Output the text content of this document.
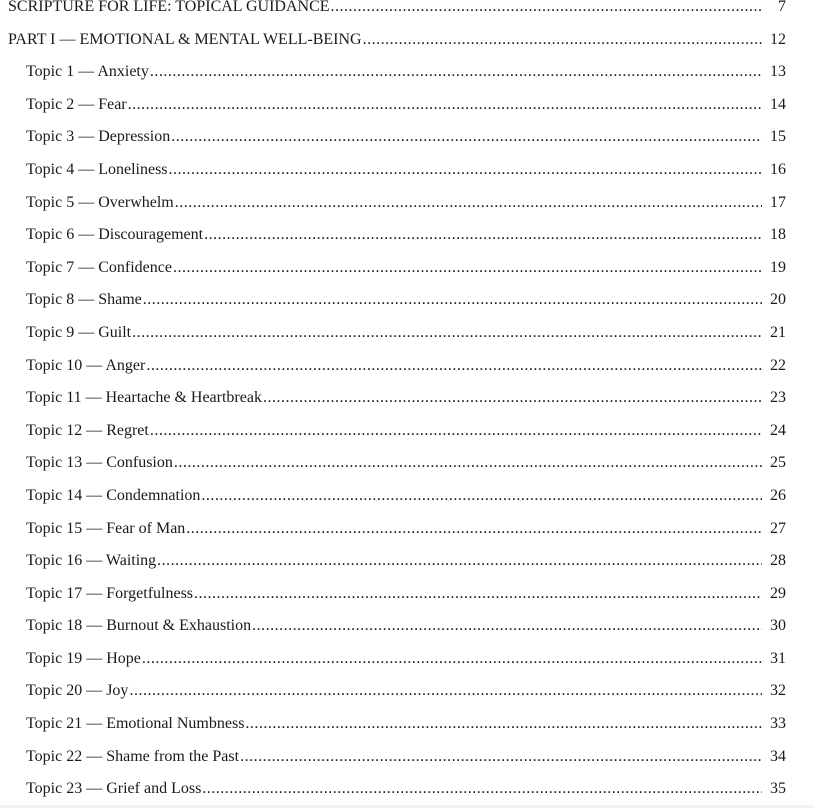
SCRIPTURE FOR LIFE: TOPICAL GUIDANCE .....	7
PART I — EMOTIONAL & MENTAL WELL-BEING .....	12
Topic 1 — Anxiety .....	13
Topic 2 — Fear .....	14
Topic 3 — Depression .....	15
Topic 4 — Loneliness .....	16
Topic 5 — Overwhelm .....	17
Topic 6 — Discouragement .....	18
Topic 7 — Confidence .....	19
Topic 8 — Shame .....	20
Topic 9 — Guilt .....	21
Topic 10 — Anger .....	22
Topic 11 — Heartache & Heartbreak .....	23
Topic 12 — Regret .....	24
Topic 13 — Confusion .....	25
Topic 14 — Condemnation .....	26
Topic 15 — Fear of Man .....	27
Topic 16 — Waiting .....	28
Topic 17 — Forgetfulness .....	29
Topic 18 — Burnout & Exhaustion .....	30
Topic 19 — Hope .....	31
Topic 20 — Joy .....	32
Topic 21 — Emotional Numbness .....	33
Topic 22 — Shame from the Past .....	34
Topic 23 — Grief and Loss .....	35
